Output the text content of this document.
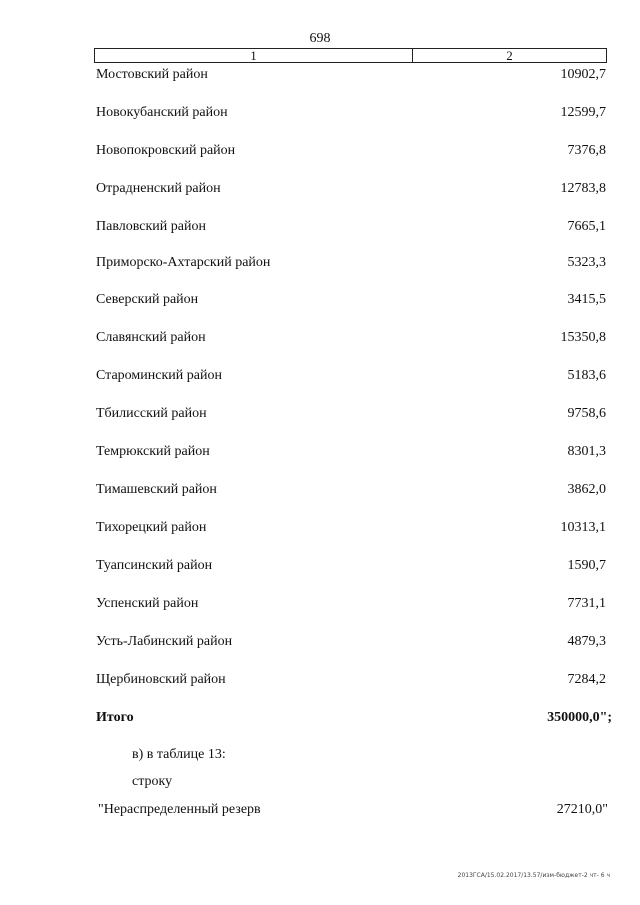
698
1	2
Мостовский район	10902,7
Новокубанский район	12599,7
Новопокровский район	7376,8
Отрадненский район	12783,8
Павловский район	7665,1
Приморско-Ахтарский район	5323,3
Северский район	3415,5
Славянский район	15350,8
Староминский район	5183,6
Тбилисский район	9758,6
Темрюкский район	8301,3
Тимашевский район	3862,0
Тихорецкий район	10313,1
Туапсинский район	1590,7
Успенский район	7731,1
Усть-Лабинский район	4879,3
Щербиновский район	7284,2
Итого	350000,0";
в) в таблице 13:
строку
"Нераспределенный резерв	27210,0"
2013ГСА/15.02.2017/13.57/изм-бюджет-2 чт- 6 ч
